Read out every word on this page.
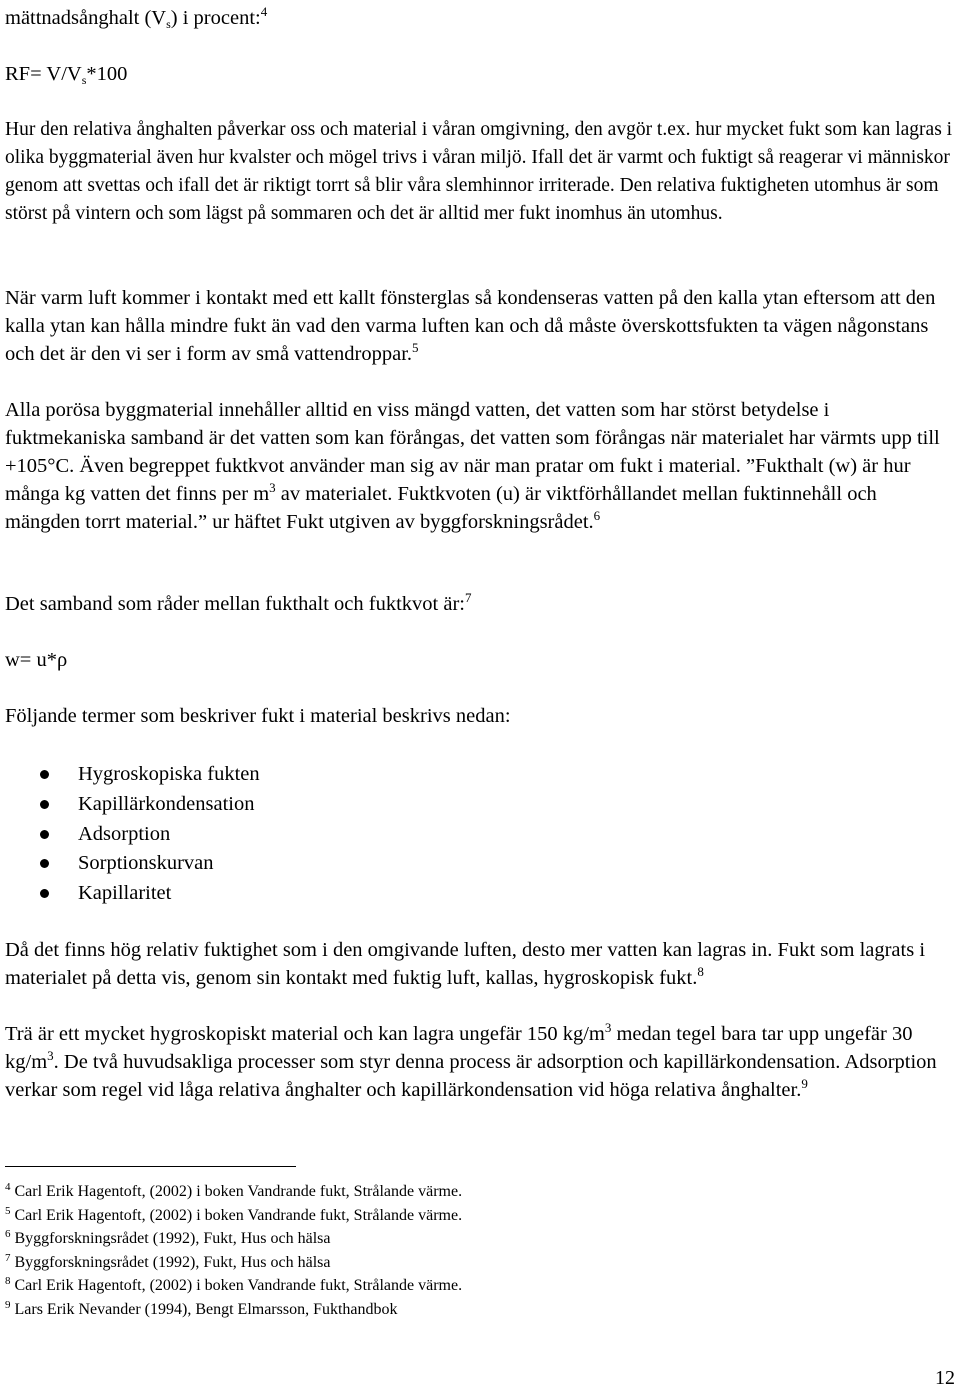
mättnadsånghalt $(V_s)$ i procent:$^4$

$RF= V/V_s*100$

Hur den relativa ånghalten påverkar oss och material i våran omgivning, den avgör t.ex. hur mycket fukt som kan lagras i olika byggmaterial även hur kvalster och mögel trivs i våran miljö. Ifall det är varmt och fuktigt så reagerar vi människor genom att svettas och ifall det är riktigt torrt så blir våra slemhinnor irriterade. Den relativa fuktigheten utomhus är som störst på vintern och som lägst på sommaren och det är alltid mer fukt inomhus än utomhus.

När varm luft kommer i kontakt med ett kallt fönsterglas så kondenseras vatten på den kalla ytan eftersom att den kalla ytan kan hålla mindre fukt än vad den varma luften kan och då måste överskottsfukten ta vägen någonstans och det är den vi ser i form av små vattendroppar.$^5$

Alla porösa byggmaterial innehåller alltid en viss mängd vatten, det vatten som har störst betydelse i fuktmekaniska samband är det vatten som kan förångas, det vatten som förångas när materialet har värmts upp till +105°C. Även begreppet fuktkvot använder man sig av när man pratar om fukt i material. ”Fukthalt (w) är hur många kg vatten det finns per $m^3$ av materialet. Fuktkvoten (u) är viktförhållandet mellan fuktinnehåll och mängden torrt material.” ur häftet Fukt utgiven av byggforskningsrådet.$^6$

Det samband som råder mellan fukthalt och fuktkvot är:$^7$

w= u*ρ

Följande termer som beskriver fukt i material beskrivs nedan:

Hygroskopiska fukten
Kapillärkondensation
Adsorption
Sorptionskurvan
Kapillaritet

Då det finns hög relativ fuktighet som i den omgivande luften, desto mer vatten kan lagras in. Fukt som lagrats i materialet på detta vis, genom sin kontakt med fuktig luft, kallas, hygroskopisk fukt.$^8$

Trä är ett mycket hygroskopiskt material och kan lagra ungefär 150 $kg/m^3$ medan tegel bara tar upp ungefär 30 $kg/m^3$. De två huvudsakliga processer som styr denna process är adsorption och kapillärkondensation. Adsorption verkar som regel vid låga relativa ånghalter och kapillärkondensation vid höga relativa ånghalter.$^9$

$^4$ Carl Erik Hagentoft, (2002) i boken Vandrande fukt, Strålande värme.
$^5$ Carl Erik Hagentoft, (2002) i boken Vandrande fukt, Strålande värme.
$^6$ Byggforskningsrådet (1992), Fukt, Hus och hälsa
$^7$ Byggforskningsrådet (1992), Fukt, Hus och hälsa
$^8$ Carl Erik Hagentoft, (2002) i boken Vandrande fukt, Strålande värme.
$^9$ Lars Erik Nevander (1994), Bengt Elmarsson, Fukthandbok
12
